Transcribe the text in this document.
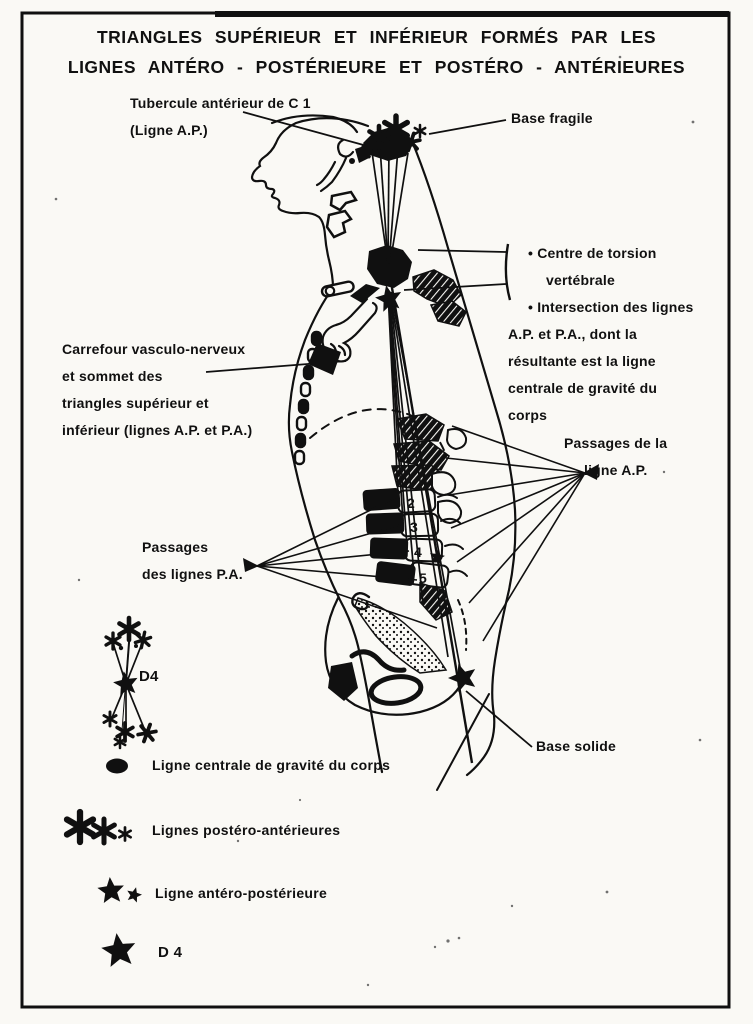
2
3
4
5
TRIANGLES SUPÉRIEUR ET INFÉRIEUR FORMÉS PAR LES
LIGNES ANTÉRO - POSTÉRIEURE ET POSTÉRO - ANTÉRIEURES
Tubercule antérieur de C 1
(Ligne A.P.)
Base fragile
• Centre de torsion
vertébrale
• Intersection des lignes
A.P. et P.A., dont la
résultante est la ligne
centrale de gravité du
corps
Carrefour vasculo-nerveux
et sommet des
triangles supérieur et
inférieur (lignes A.P. et P.A.)
Passages de la
ligne A.P.
Passages
des lignes P.A.
Base solide
D4
Ligne centrale de gravité du corps
Lignes postéro-antérieures
Ligne antéro-postérieure
D 4
